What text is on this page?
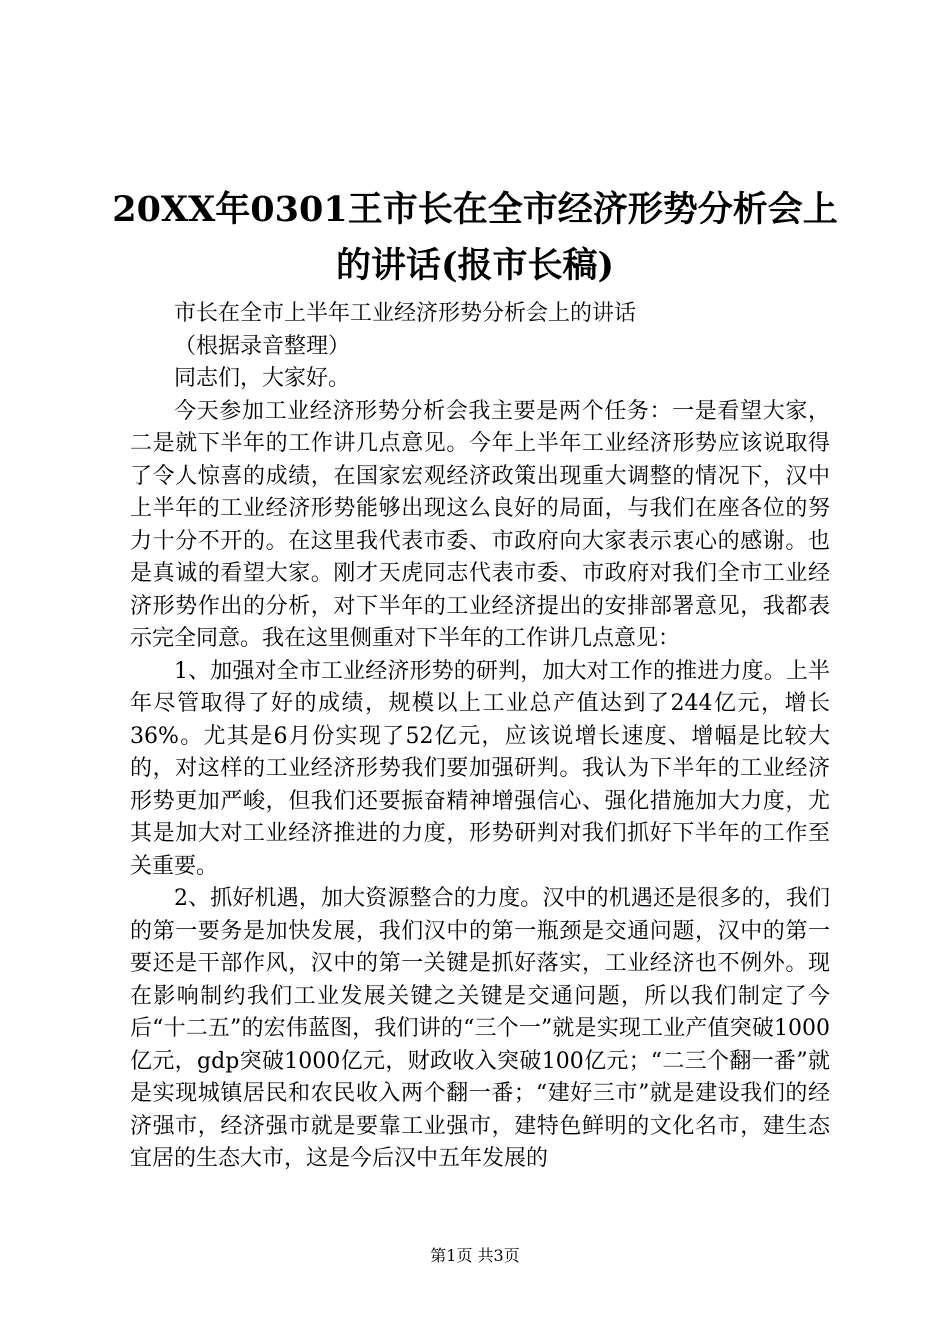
20XX年0301王市长在全市经济形势分析会上
的讲话(报市长稿)

市长在全市上半年工业经济形势分析会上的讲话

（根据录音整理）

同志们，大家好。

今天参加工业经济形势分析会我主要是两个任务：一是看望大家，二是就下半年的工作讲几点意见。今年上半年工业经济形势应该说取得了令人惊喜的成绩，在国家宏观经济政策出现重大调整的情况下，汉中上半年的工业经济形势能够出现这么良好的局面，与我们在座各位的努力十分不开的。在这里我代表市委、市政府向大家表示衷心的感谢。也是真诚的看望大家。刚才天虎同志代表市委、市政府对我们全市工业经济形势作出的分析，对下半年的工业经济提出的安排部署意见，我都表示完全同意。我在这里侧重对下半年的工作讲几点意见：

1、加强对全市工业经济形势的研判，加大对工作的推进力度。上半年尽管取得了好的成绩，规模以上工业总产值达到了244亿元，增长36%。尤其是6月份实现了52亿元，应该说增长速度、增幅是比较大的，对这样的工业经济形势我们要加强研判。我认为下半年的工业经济形势更加严峻，但我们还要振奋精神增强信心、强化措施加大力度，尤其是加大对工业经济推进的力度，形势研判对我们抓好下半年的工作至关重要。

2、抓好机遇，加大资源整合的力度。汉中的机遇还是很多的，我们的第一要务是加快发展，我们汉中的第一瓶颈是交通问题，汉中的第一要还是干部作风，汉中的第一关键是抓好落实，工业经济也不例外。现在影响制约我们工业发展关键之关键是交通问题，所以我们制定了今后“十二五”的宏伟蓝图，我们讲的“三个一”就是实现工业产值突破1000亿元，gdp突破1000亿元，财政收入突破100亿元；“二三个翻一番”就是实现城镇居民和农民收入两个翻一番；“建好三市”就是建设我们的经济强市，经济强市就是要靠工业强市，建特色鲜明的文化名市，建生态宜居的生态大市，这是今后汉中五年发展的

第1页 共3页
